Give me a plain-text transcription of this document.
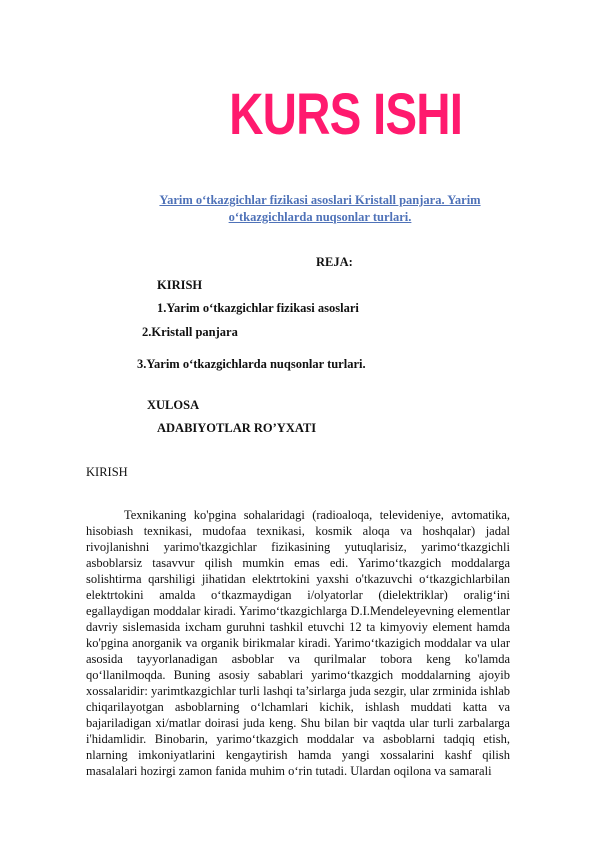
KURS ISHI
Yarim o‘tkazgichlar fizikasi asoslari Kristall panjara. Yarim o‘tkazgichlarda nuqsonlar turlari.
REJA:
KIRISH
1.Yarim o‘tkazgichlar fizikasi asoslari
2.Kristall panjara
3.Yarim o‘tkazgichlarda nuqsonlar turlari.
XULOSA
ADABIYOTLAR RO’YXATI
KIRISH

Texnikaning ko'pgina sohalaridagi (radioaloqa, televideniye, avtomatika, hisobiash texnikasi, mudofaa texnikasi, kosmik aloqa va hoshqalar) jadal rivojlanishni yarimo'tkazgichlar fizikasining yutuqlarisiz, yarimo‘tkazgichli asboblarsiz tasavvur qilish mumkin emas edi. Yarimo‘tkazgich moddalarga solishtirma qarshiligi jihatidan elektrtokini yaxshi o'tkazuvchi o‘tkazgichlarbilan elektrtokini amalda o‘tkazmaydigan i/olyatorlar (dielektriklar) oralig‘ini egallaydigan moddalar kiradi. Yarimo‘tkazgichlarga D.I.Mendeleyevning elementlar davriy sislemasida ixcham guruhni tashkil etuvchi 12 ta kimyoviy element hamda ko'pgina anorganik va organik birikmalar kiradi. Yarimo‘tkazigich moddalar va ular asosida tayyorlanadigan asboblar va qurilmalar tobora keng ko'lamda qo‘llanilmoqda. Buning asosiy sabablari yarimo‘tkazgich moddalarning ajoyib xossalaridir: yarimtkazgichlar turli lashqi ta’sirlarga juda sezgir, ular zrminida ishlab chiqarilayotgan asboblarning o‘lchamlari kichik, ishlash muddati katta va bajariladigan xi/matlar doirasi juda keng. Shu bilan bir vaqtda ular turli zarbalarga i'hidamlidir. Binobarin, yarimo‘tkazgich moddalar va asboblarni tadqiq etish, nlarning imkoniyatlarini kengaytirish hamda yangi xossalarini kashf qilish masalalari hozirgi zamon fanida muhim o‘rin tutadi. Ulardan oqilona va samarali
